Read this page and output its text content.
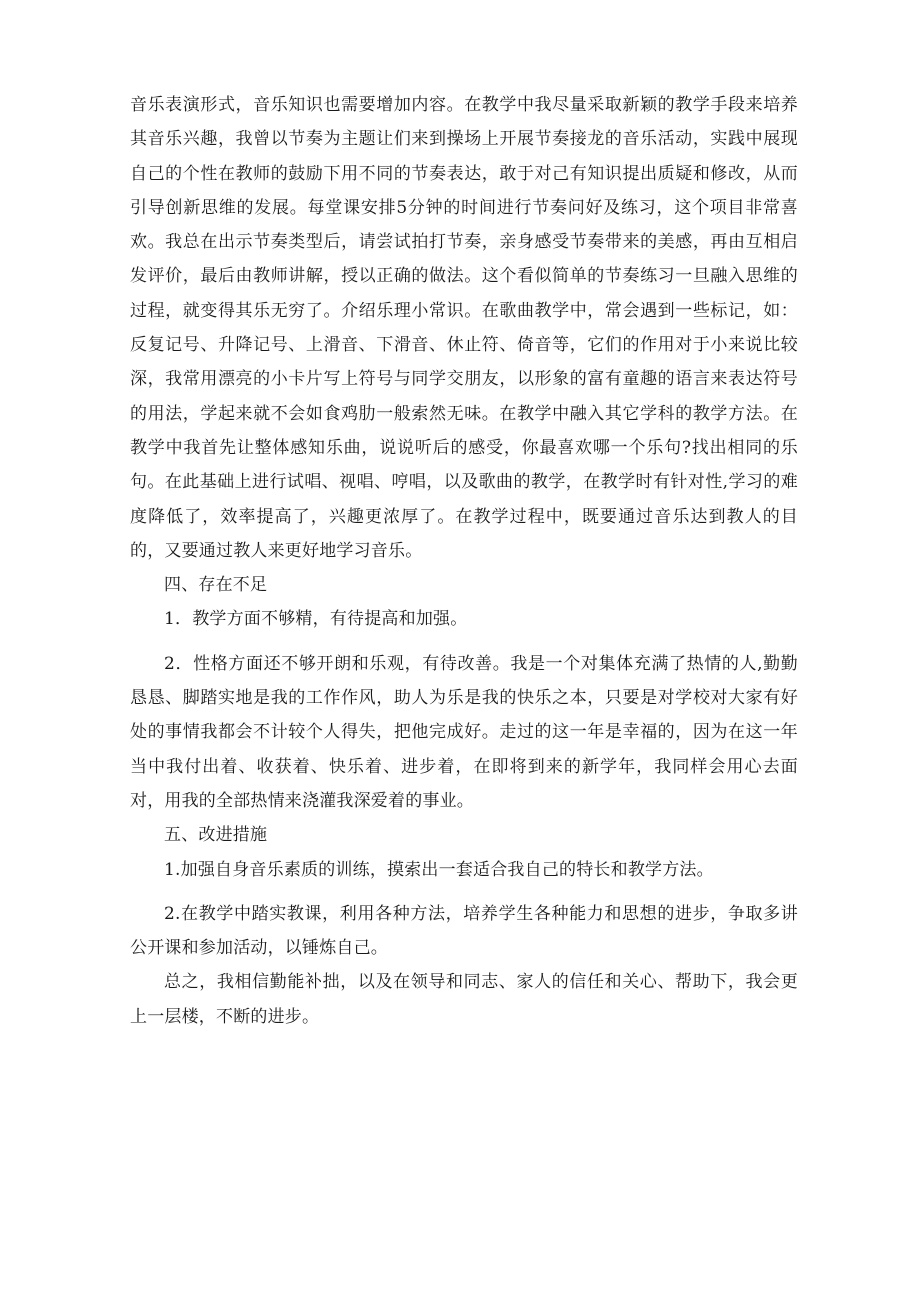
音乐表演形式，音乐知识也需要增加内容。在教学中我尽量采取新颖的教学手段来培养其音乐兴趣，我曾以节奏为主题让们来到操场上开展节奏接龙的音乐活动，实践中展现自己的个性在教师的鼓励下用不同的节奏表达，敢于对己有知识提出质疑和修改，从而引导创新思维的发展。每堂课安排5分钟的时间进行节奏问好及练习，这个项目非常喜欢。我总在出示节奏类型后，请尝试拍打节奏，亲身感受节奏带来的美感，再由互相启发评价，最后由教师讲解，授以正确的做法。这个看似简单的节奏练习一旦融入思维的过程，就变得其乐无穷了。介绍乐理小常识。在歌曲教学中，常会遇到一些标记，如：反复记号、升降记号、上滑音、下滑音、休止符、倚音等，它们的作用对于小来说比较深，我常用漂亮的小卡片写上符号与同学交朋友，以形象的富有童趣的语言来表达符号的用法，学起来就不会如食鸡肋一般索然无味。在教学中融入其它学科的教学方法。在教学中我首先让整体感知乐曲，说说听后的感受，你最喜欢哪一个乐句?找出相同的乐句。在此基础上进行试唱、视唱、哼唱，以及歌曲的教学，在教学时有针对性,学习的难度降低了，效率提高了，兴趣更浓厚了。在教学过程中，既要通过音乐达到教人的目的，又要通过教人来更好地学习音乐。

四、存在不足

1．教学方面不够精，有待提高和加强。

2．性格方面还不够开朗和乐观，有待改善。我是一个对集体充满了热情的人,勤勤恳恳、脚踏实地是我的工作作风，助人为乐是我的快乐之本，只要是对学校对大家有好处的事情我都会不计较个人得失，把他完成好。走过的这一年是幸福的，因为在这一年当中我付出着、收获着、快乐着、进步着，在即将到来的新学年，我同样会用心去面对，用我的全部热情来浇灌我深爱着的事业。

五、改进措施

1.加强自身音乐素质的训练，摸索出一套适合我自己的特长和教学方法。

2.在教学中踏实教课，利用各种方法，培养学生各种能力和思想的进步，争取多讲公开课和参加活动，以锤炼自己。

总之，我相信勤能补拙，以及在领导和同志、家人的信任和关心、帮助下，我会更上一层楼，不断的进步。
